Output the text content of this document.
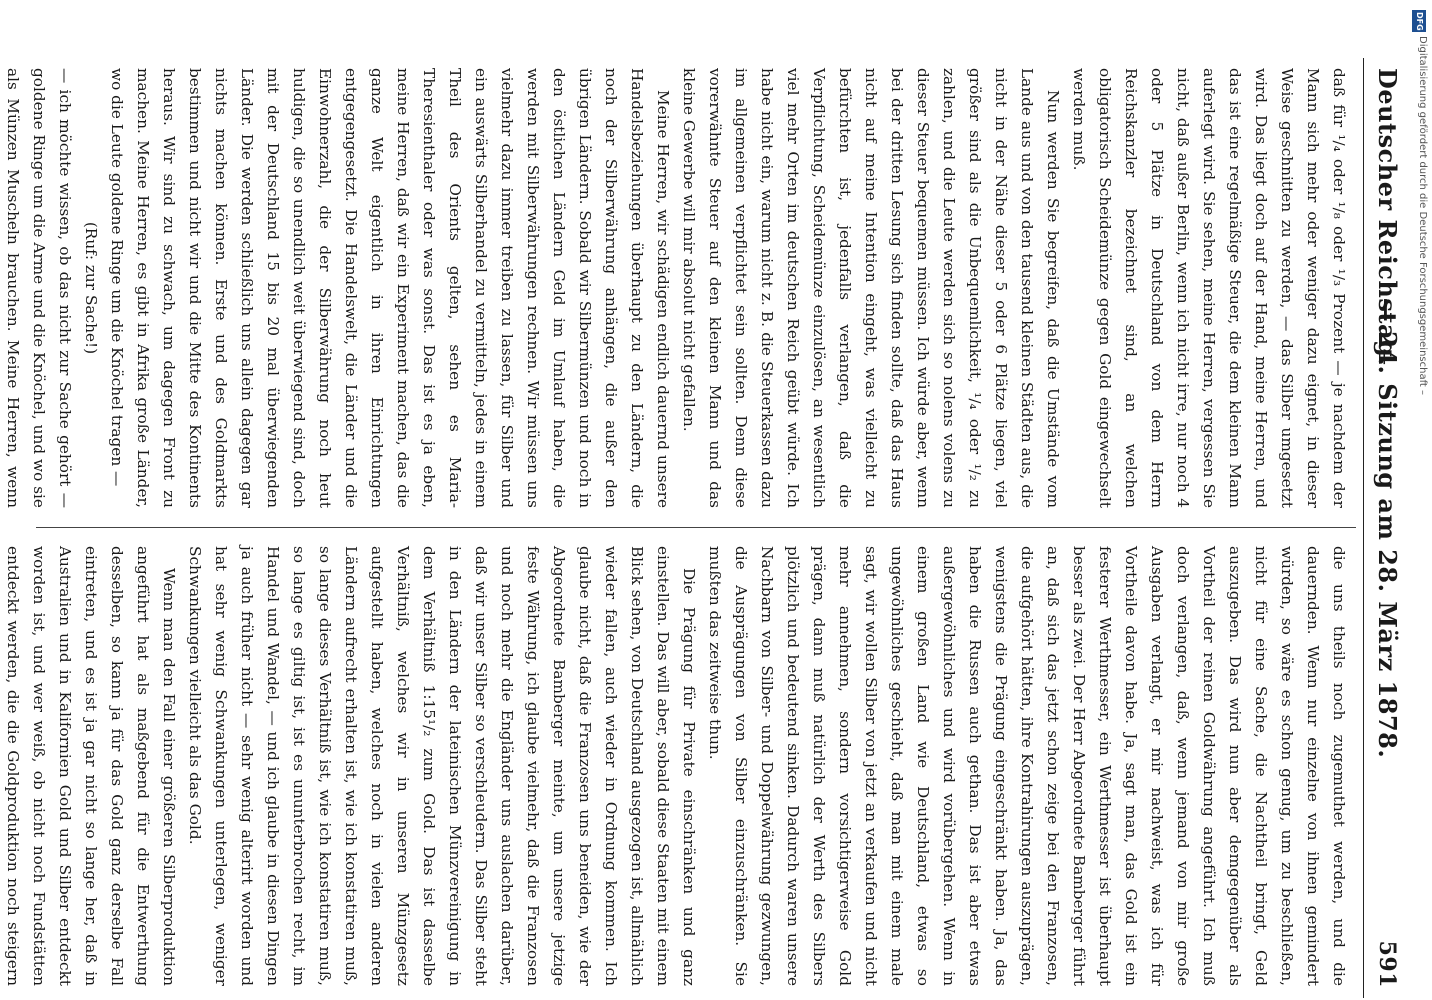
Deutscher Reichstag.
— 24. Sitzung am 28. März 1878.
591

daß für ¹/₄ oder ¹/₈ oder ¹/₃ Prozent — je nachdem der Mann sich mehr oder weniger dazu eignet, in dieser Weise geschnitten zu werden, — das Silber umgesetzt wird. Das liegt doch auf der Hand, meine Herren, und das ist eine regelmäßige Steuer, die dem kleinen Mann auferlegt wird. Sie sehen, meine Herren, vergessen Sie nicht, daß außer Berlin, wenn ich nicht irre, nur noch 4 oder 5 Plätze in Deutschland von dem Herrn Reichskanzler bezeichnet sind, an welchen obligatorisch Scheidemünze gegen Gold eingewechselt werden muß.

Nun werden Sie begreifen, daß die Umstände vom Lande aus und von den tausend kleinen Städten aus, die nicht in der Nähe dieser 5 oder 6 Plätze liegen, viel größer sind als die Unbequemlichkeit, ¹/₄ oder ¹/₂ zu zahlen, und die Leute werden sich so nolens volens zu dieser Steuer bequemen müssen. Ich würde aber, wenn bei der dritten Lesung sich finden sollte, daß das Haus nicht auf meine Intention eingeht, was vielleicht zu befürchten ist, jedenfalls verlangen, daß die Verpflichtung, Scheidemünze einzulösen, an wesentlich viel mehr Orten im deutschen Reich geübt würde. Ich habe nicht ein, warum nicht z. B. die Steuerkassen dazu im allgemeinen verpflichtet sein sollten. Denn diese vorerwähnte Steuer auf den kleinen Mann und das kleine Gewerbe will mir absolut nicht gefallen.

Meine Herren, wir schädigen endlich dauernd unsere Handelsbeziehungen überhaupt zu den Ländern, die noch der Silberwährung anhängen, die außer den übrigen Ländern. Sobald wir Silbermünzen und noch in den östlichen Ländern Geld im Umlauf haben, die werden mit Silberwährungen rechnen. Wir müssen uns vielmehr dazu immer treiben zu lassen, für Silber und ein auswärts Silberhandel zu vermitteln, jedes in einem Theil des Orients gelten, sehen es Maria-Theresienthaler oder was sonst. Das ist es ja eben, meine Herren, daß wir ein Experiment machen, das die ganze Welt eigentlich in ihren Einrichtungen entgegengesetzt. Die Handelswelt, die Länder und die Einwohnerzahl, die der Silberwährung noch heut huldigen, die so unendlich weit überwiegend sind, doch mit der Deutschland 15 bis 20 mal überwiegenden Länder. Die werden schließlich uns allein dagegen gar nichts machen können. Erste und des Goldmarkts bestimmen und nicht wir und die Mitte des Kontinents heraus. Wir sind zu schwach, um dagegen Front zu machen. Meine Herren, es gibt in Afrika große Länder, wo die Leute goldene Ringe um die Knöchel tragen —

(Ruf: zur Sache!)

— ich möchte wissen, ob das nicht zur Sache gehört — goldene Ringe um die Arme und die Knöchel, und wo sie als Münzen Muscheln brauchen. Meine Herren, wenn

die uns theils noch zugemuthet werden, und die dauernden. Wenn nur einzelne von ihnen gemindert würden, so wäre es schon genug, um zu beschließen, nicht für eine Sache, die Nachtheil bringt, Geld auszugeben. Das wird nun aber demgegenüber als Vortheil der reinen Goldwährung angeführt. Ich muß doch verlangen, daß, wenn jemand von mir große Ausgaben verlangt, er mir nachweist, was ich für Vortheile davon habe. Ja, sagt man, das Gold ist ein festerer Werthmesser, ein Werthmesser ist überhaupt besser als zwei. Der Herr Abgeordnete Bamberger führt an, daß sich das jetzt schon zeige bei den Franzosen, die aufgehört hätten, ihre Kontrahirungen auszuprägen, wenigstens die Prägung eingeschränkt haben. Ja, das haben die Russen auch gethan. Das ist aber etwas außergewöhnliches und wird vorübergehen. Wenn in einem großen Land wie Deutschland, etwas so ungewöhnliches geschieht, daß man mit einem male sagt, wir wollen Silber von jetzt an verkaufen und nicht mehr annehmen, sondern vorsichtigerweise Gold prägen, dann muß natürlich der Werth des Silbers plötzlich und bedeutend sinken. Dadurch waren unsere Nachbarn von Silber- und Doppelwährung gezwungen, die Ausprägungen von Silber einzuschränken. Sie mußten das zeitweise thun.

Die Prägung für Private einschränken und ganz einstellen. Das will aber, sobald diese Staaten mit einem Blick sehen, von Deutschland ausgezogen ist, allmählich wieder fallen, auch wieder in Ordnung kommen. Ich glaube nicht, daß die Franzosen uns beneiden, wie der Abgeordnete Bamberger meinte, um unsere jetzige feste Währung, ich glaube vielmehr, daß die Franzosen und noch mehr die Engländer uns auslachen darüber, daß wir unser Silber so verschleudern. Das Silber steht in den Ländern der lateinischen Münzvereinigung in dem Verhältniß 1:15¹/₂ zum Gold. Das ist dasselbe Verhältniß, welches wir in unseren Münzgesetz aufgestellt haben, welches noch in vielen anderen Ländern aufrecht erhalten ist, wie ich konstatiren muß, so lange dieses Verhältniß ist, wie ich konstatiren muß, so lange es giltig ist, ist es ununterbrochen recht, im Handel und Wandel, — und ich glaube in diesen Dingen ja auch früher nicht — sehr wenig alterirt worden und hat sehr wenig Schwankungen unterlegen, weniger Schwankungen vielleicht als das Gold.

Wenn man den Fall einer größeren Silberproduktion angeführt hat als maßgebend für die Entwerthung desselben, so kann ja für das Gold ganz derselbe Fall eintreten, und es ist ja gar nicht so lange her, daß in Australien und in Kalifornien Gold und Silber entdeckt worden ist, und wer weiß, ob nicht noch Fundstätten entdeckt werden, die die Goldproduktion noch steigern

DFG
Digitalisierung gefördert durch die Deutsche Forschungsgemeinschaft –
